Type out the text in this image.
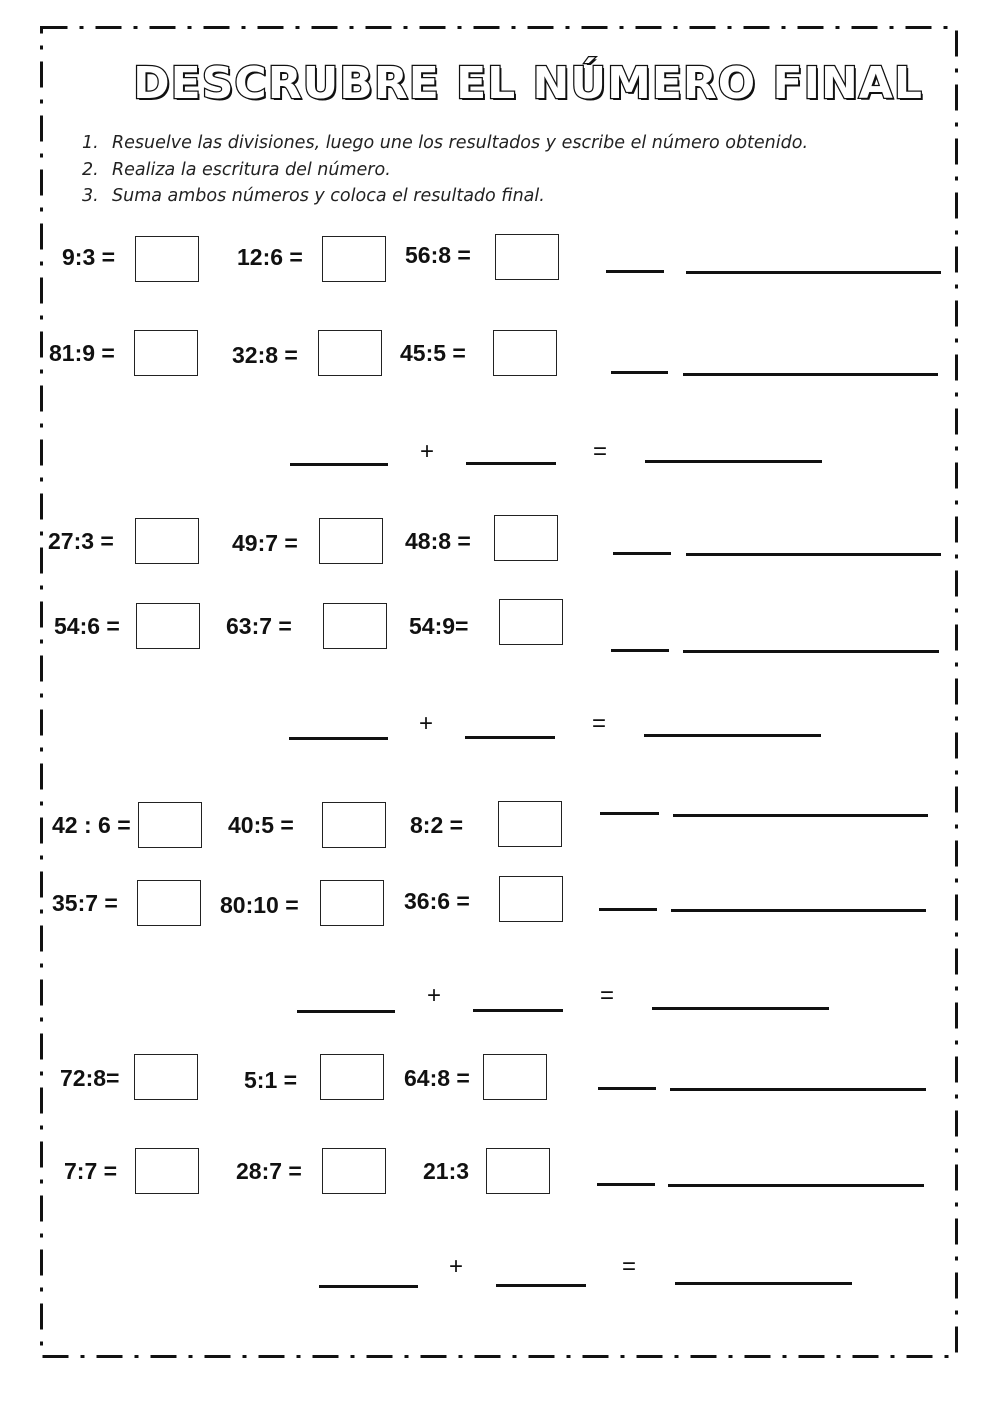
DESCRUBRE EL NÚMERO FINAL
1. Resuelve las divisiones, luego une los resultados y escribe el número obtenido.
2. Realiza la escritura del número.
3. Suma ambos números y coloca el resultado final.
9:3 =	12:6 =	56:8 =
81:9 =	32:8 =	45:5 =
+	=
27:3 =	49:7 =	48:8 =
54:6 =	63:7 =	54:9=
+	=
42 : 6 =	40:5 =	8:2 =
35:7 =	80:10 =	36:6 =
+	=
72:8=	5:1 =	64:8 =
7:7 =	28:7 =	21:3
+	=
